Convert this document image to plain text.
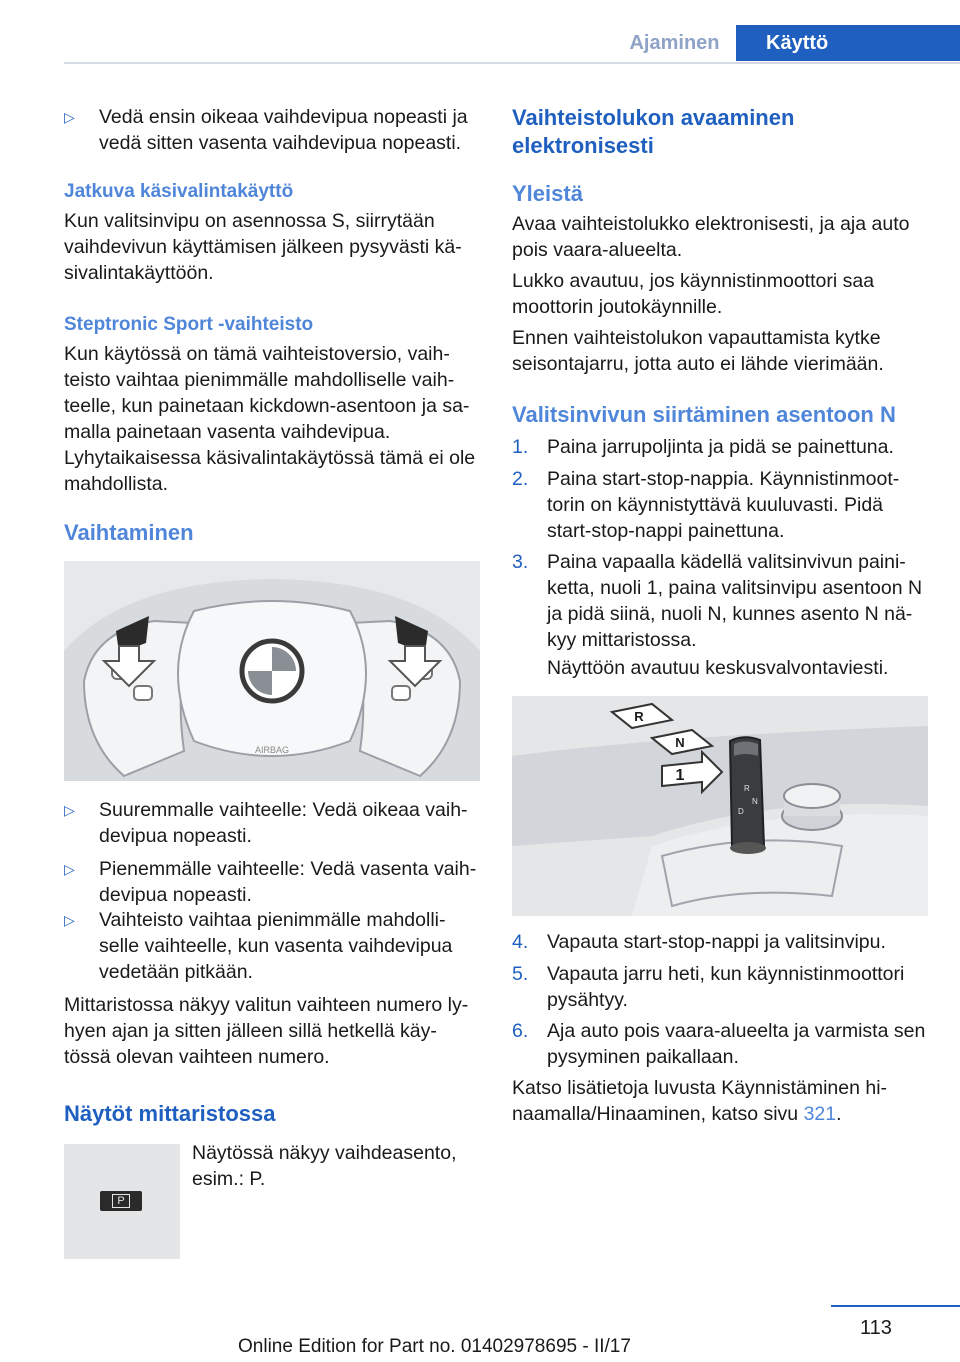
Ajaminen	Käyttö
▷ Vedä ensin oikeaa vaihdevipua nopeasti ja vedä sitten vasenta vaihdevipua nopeasti.
Jatkuva käsivalintakäyttö
Kun valitsinvipu on asennossa S, siirrytään vaihdevivun käyttämisen jälkeen pysyvästi kä-sivalintakäyttöön.
Steptronic Sport -vaihteisto
Kun käytössä on tämä vaihteistoversio, vaih-teisto vaihtaa pienimmälle mahdolliselle vaih-teelle, kun painetaan kickdown-asentoon ja sa-malla painetaan vasenta vaihdevipua. Lyhytaikaisessa käsivalintakäytössä tämä ei ole mahdollista.
Vaihtaminen
AIRBAG
▷ Suuremmalle vaihteelle: Vedä oikeaa vaih-devipua nopeasti.
▷ Pienemmälle vaihteelle: Vedä vasenta vaih-devipua nopeasti.
▷ Vaihteisto vaihtaa pienimmälle mahdolli-selle vaihteelle, kun vasenta vaihdevipua vedetään pitkään.
Mittaristossa näkyy valitun vaihteen numero ly-hyen ajan ja sitten jälleen sillä hetkellä käy-tössä olevan vaihteen numero.
Näytöt mittaristossa
P
Näytössä näkyy vaihdeasento, esim.: P.
Vaihteistolukon avaaminen elektronisesti
Yleistä
Avaa vaihteistolukko elektronisesti, ja aja auto pois vaara-alueelta.
Lukko avautuu, jos käynnistinmoottori saa moottorin joutokäynnille.
Ennen vaihteistolukon vapauttamista kytke seisontajarru, jotta auto ei lähde vierimään.
Valitsinvivun siirtäminen asentoon N
1. Paina jarrupoljinta ja pidä se painettuna.
2. Paina start-stop-nappia. Käynnistinmoot-torin on käynnistyttävä kuuluvasti. Pidä start-stop-nappi painettuna.
3. Paina vapaalla kädellä valitsinvivun paini-ketta, nuoli 1, paina valitsinvipu asentoon N ja pidä siinä, nuoli N, kunnes asento N nä-kyy mittaristossa.
Näyttöön avautuu keskusvalvontaviesti.
R
N
D
R
N
1
4. Vapauta start-stop-nappi ja valitsinvipu.
5. Vapauta jarru heti, kun käynnistinmoottori pysähtyy.
6. Aja auto pois vaara-alueelta ja varmista sen pysyminen paikallaan.
Katso lisätietoja luvusta Käynnistäminen hi-naamalla/Hinaaminen, katso sivu 321.
113
Online Edition for Part no. 01402978695 - II/17
